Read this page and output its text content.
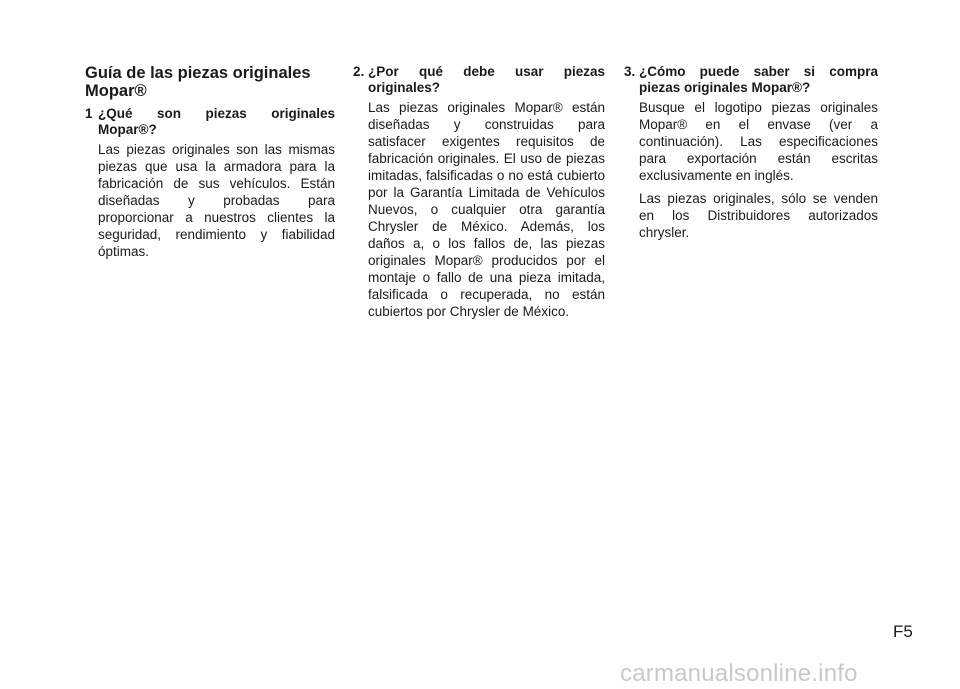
Guía de las piezas originales Mopar®
1 ¿Qué son piezas originales Mopar®?

Las piezas originales son las mismas piezas que usa la armadora para la fabricación de sus vehículos. Están diseñadas y probadas para proporcionar a nuestros clientes la seguridad, rendimiento y fiabilidad óptimas.

2. ¿Por qué debe usar piezas originales?

Las piezas originales Mopar® están diseñadas y construidas para satisfacer exigentes requisitos de fabricación originales. El uso de piezas imitadas, falsificadas o no está cubierto por la Garantía Limitada de Vehículos Nuevos, o cualquier otra garantía Chrysler de México. Además, los daños a, o los fallos de, las piezas originales Mopar® producidos por el montaje o fallo de una pieza imitada, falsificada o recuperada, no están cubiertos por Chrysler de México.

3. ¿Cómo puede saber si compra piezas originales Mopar®?

Busque el logotipo piezas originales Mopar® en el envase (ver a continuación). Las especificaciones para exportación están escritas exclusivamente en inglés.

Las piezas originales, sólo se venden en los Distribuidores autorizados chrysler.

F5
carmanualsonline.info
